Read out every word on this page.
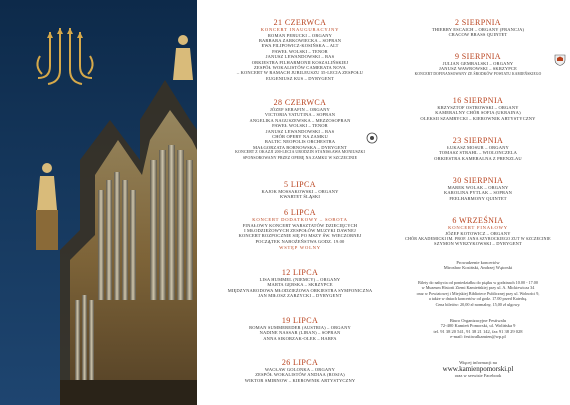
21 CZERWCA
KONCERT INAUGURACYJNY
ROMAN PERUCKI – ORGANY
BARBARA ZARKOWIECKA – SOPRAN
EWA FILIPOWICZ-KOSIŃSKA – ALT
PAWEŁ WOLSKI – TENOR
JANUSZ LEWANDOWSKI – BAS
ORKIESTRA FILHARMONII KOSZALIŃSKIEJ
ZESPÓŁ WOKALISTÓW CAMERATA NOVA
– KONCERT W RAMACH JUBILEUSZU 35-LECIA ZESPOŁU
EUGENIUSZ KUS – DYRYGENT
28 CZERWCA
JÓZEF SERAFIN – ORGANY
VICTORIA VATUTINA – SOPRAN
ANGELIKA NAGUSZEWSKA – MEZZOSOPRAN
PAWEŁ WOLSKI – TENOR
JANUSZ LEWANDOWSKI – BAS
CHÓR OPERY NA ZAMKU
BALTIC NEOPOLIS ORCHESTRA
MAŁGORZATA BORNOWSKA – DYRYGENT
KONCERT Z OKAZJI 200-LECIA URODZIN STANISŁAWA MONIUSZKI
SPONSOROWANY PRZEZ OPERĘ NA ZAMKU W SZCZECINIE
5 LIPCA
KAJOK MOSSAKOWSKI – ORGANY
KWARTET ŚLĄSKI
6 LIPCA
KONCERT DODATKOWY – SOBOTA
FINAŁOWY KONCERT WARSZTATÓW DZIECIĘCYCH
I MŁODZIEŻOWYCH ZESPOŁÓW MUZYKI DAWNEJ
KONCERT ROZPOCZNIE SIĘ PO MSZY ŚW. WIECZORNEJ
POCZĄTEK NABOŻEŃSTWA GODZ. 19.00
WSTĘP WOLNY
12 LIPCA
LISA HUMMEL (NIEMCY) – ORGANY
MARTA GĘBSKA – SKRZYPCE
MIĘDZYNARODOWA MŁODZIEŻOWA ORKIESTRA SYMFONICZNA
JAN MIŁOSZ ZARZYCKI – DYRYGENT
19 LIPCA
ROMAN SUMMEREDER (AUSTRIA) – ORGANY
NADINE NASSAR (LIBAN) – SOPRAN
ANNA SIKORZAK-OLEK – HARFA
26 LIPCA
WACŁAW GOLONKA – ORGANY
ZESPÓŁ WOKALISTÓW ANDIAA (ROSJA)
WIKTOR SMIRNOW – KIEROWNIK ARTYSTYCZNY
2 SIERPNIA
THIERRY ESCAICH – ORGANY (FRANCJA)
CRACOW BRASS QUINTET
9 SIERPNIA
JULIAN GEMBALSKI – ORGANY
JANUSZ WAWROWSKI – SKRZYPCE
KONCERT DOFINANSOWANY ZE ŚRODKÓW POWIATU KAMIEŃSKIEGO
16 SIERPNIA
KRZYSZTOF OSTROWSKI – ORGANY
KAMERALNY CHÓR SOFIA (UKRAINA)
OLEKSII SZAMRYCKI – KIEROWNIK ARTYSTYCZNY
23 SIERPNIA
ŁUKASZ MOSUR – ORGANY
TOMASZ STRAHL – WIOLONCZELA
ORKIESTRA KAMERALNA Z PRENZLAU
30 SIERPNIA
MAREK WOLAK – ORGANY
KAROLINA PYTLAK – SOPRAN
FEELHARMONY QUINTET
6 WRZEŚNIA
KONCERT FINAŁOWY
JÓZEF KOTOWICZ – ORGANY
CHÓR AKADEMICKI IM. PROF. JANA SZYROCKIEGO ZUT W SZCZECINIE
SZYMON WYRZYKOWSKI – DYRYGENT
Prowadzenie koncertów
Mirosław Kosiński, Andrzej Wątorski
Bilety do nabycia od poniedziałku do piątku w godzinach 10.00 - 17.00
w Muzeum Historii Ziemi Kamieńskiej przy ul. A. Mickiewicza 34
oraz w Powiatowej i Miejskiej Bibliotece Publicznej przy ul. Wolności 9,
a także w dniach koncertów od godz. 17.00 przed Katedrą.
Cena biletów: 20,00 zł normalny, 15,00 zł ulgowy.
Biuro Organizacyjne Festiwalu
72-400 Kamień Pomorski, ul. Wolińska 9
tel. 91 38 20 541, 91 38 21 142, fax 91 38 29 028
e-mail: festiwalkamien@wp.pl
Więcej informacji na
www.kamienpomorski.pl
oraz w serwisie Facebook
